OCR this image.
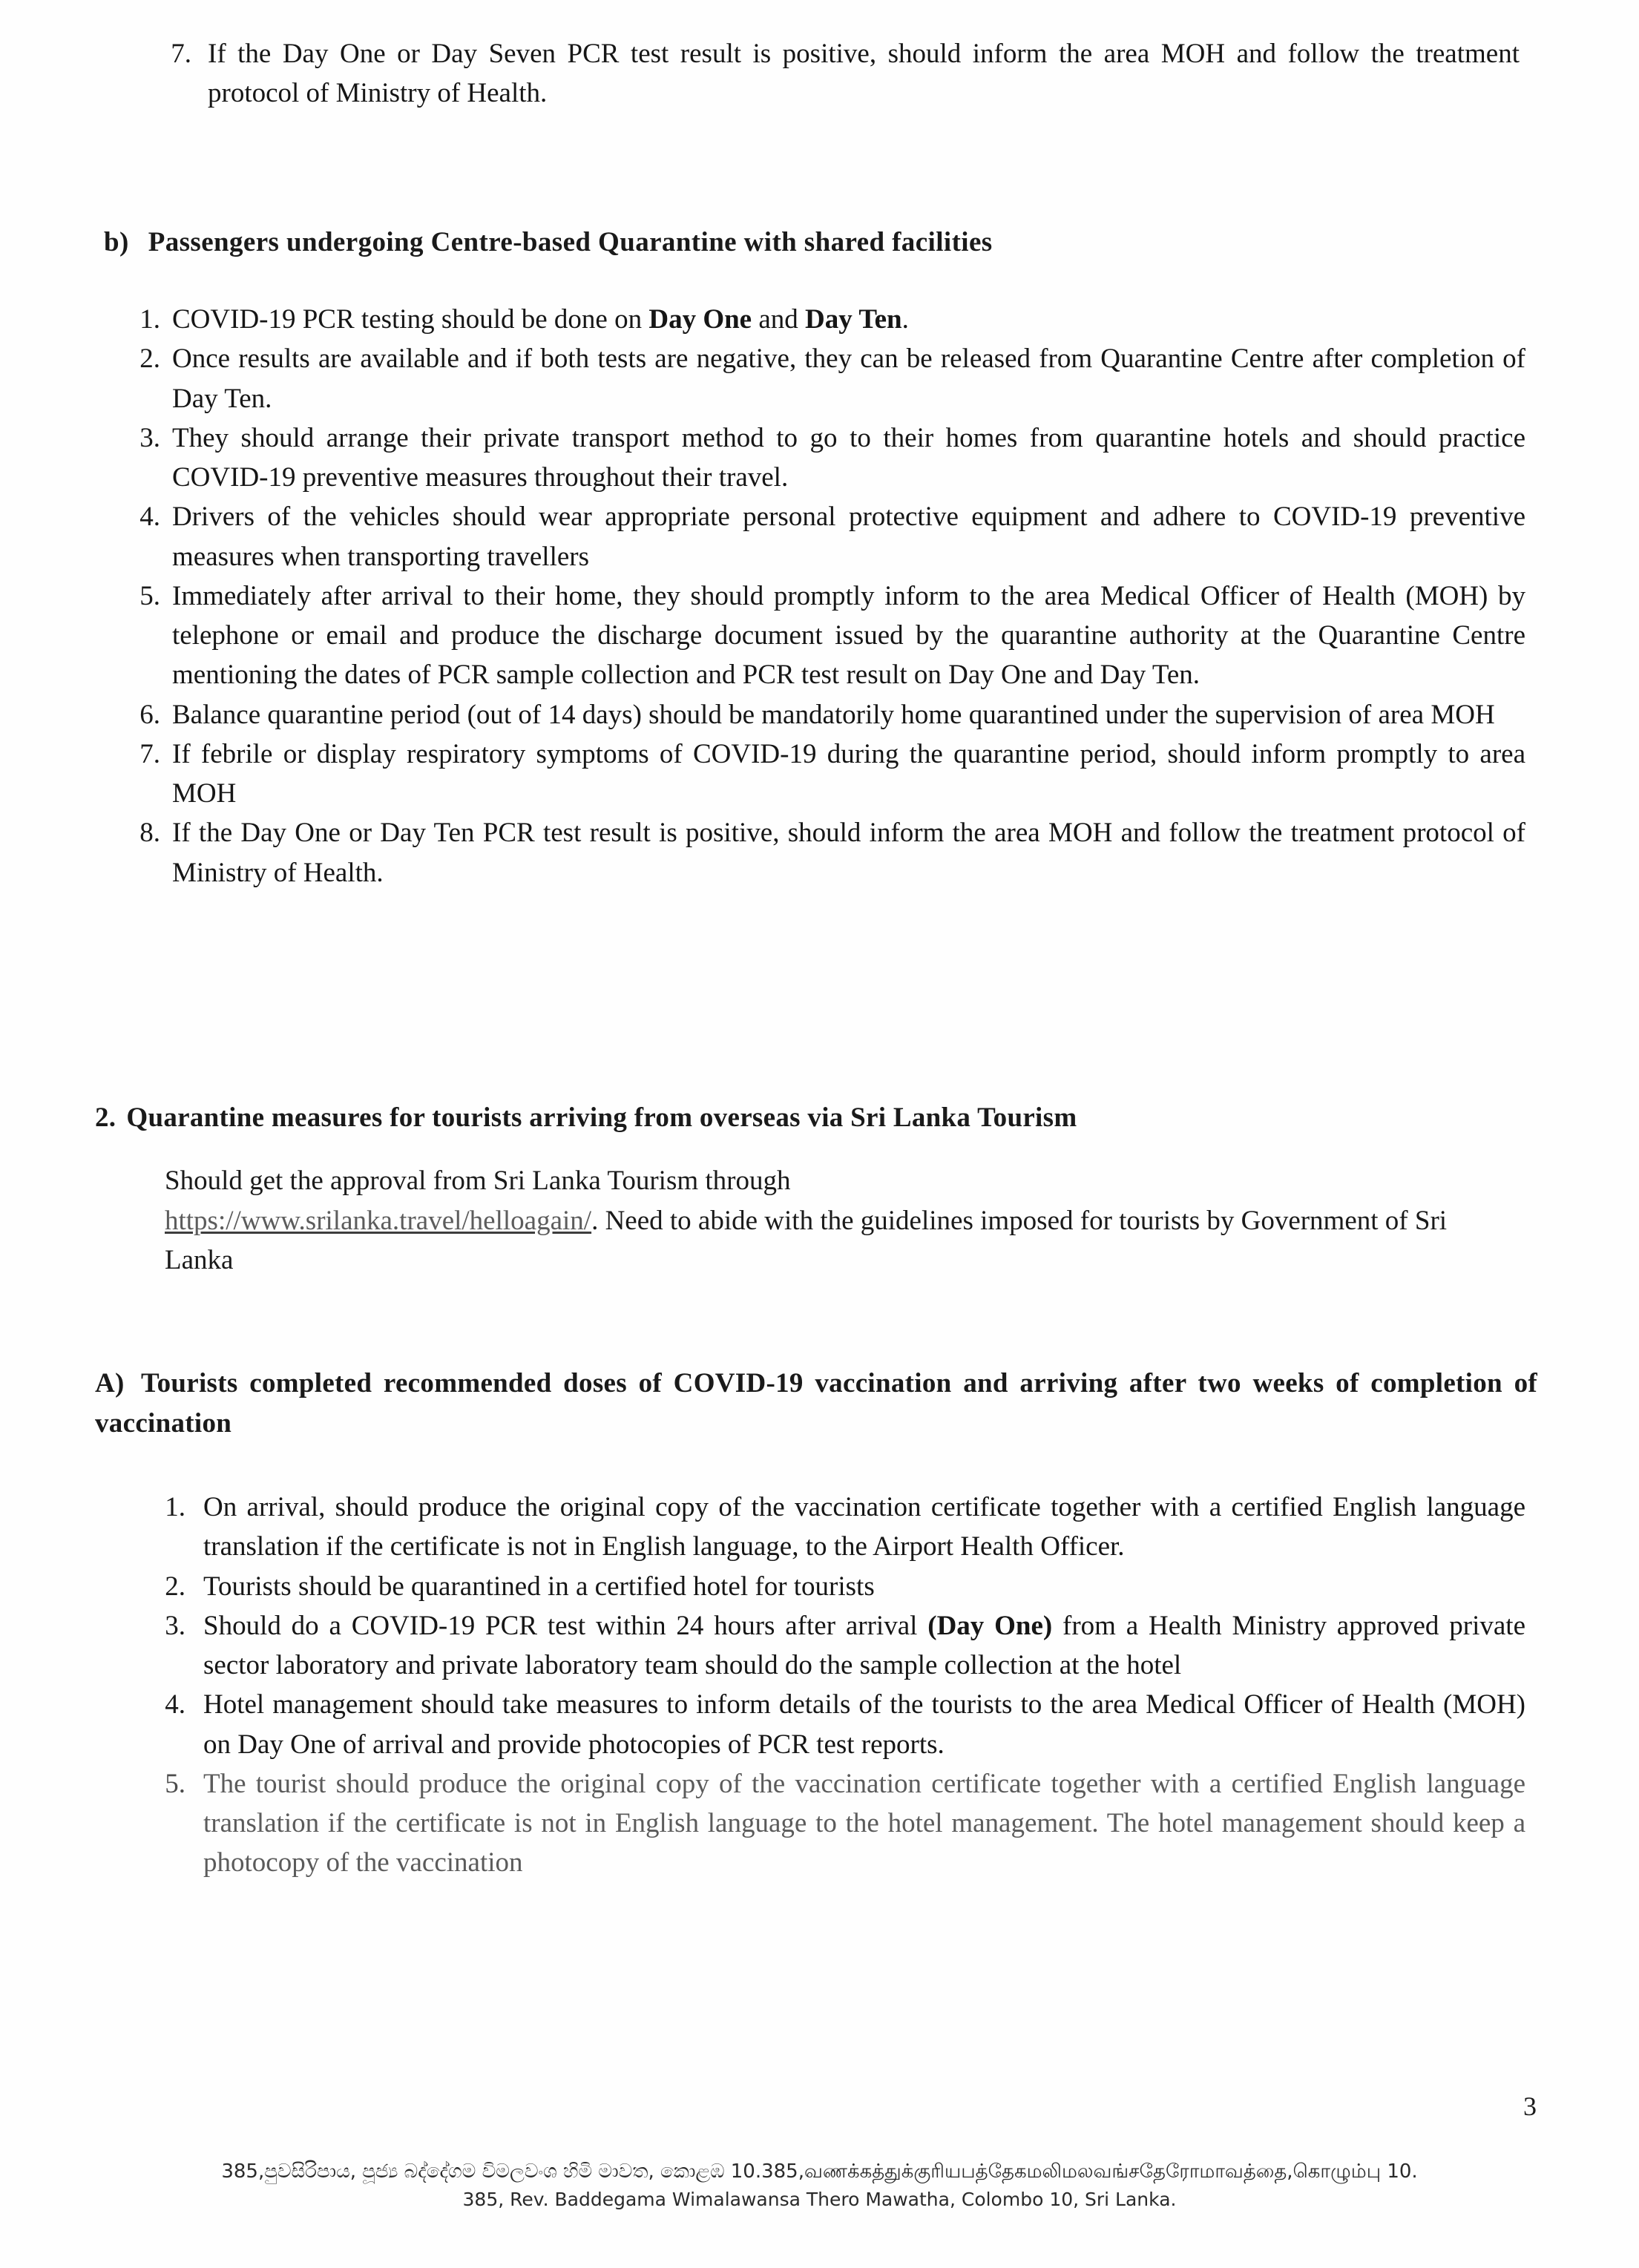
7. If the Day One or Day Seven PCR test result is positive, should inform the area MOH and follow the treatment protocol of Ministry of Health.
b) Passengers undergoing Centre-based Quarantine with shared facilities
1. COVID-19 PCR testing should be done on Day One and Day Ten.
2. Once results are available and if both tests are negative, they can be released from Quarantine Centre after completion of Day Ten.
3. They should arrange their private transport method to go to their homes from quarantine hotels and should practice COVID-19 preventive measures throughout their travel.
4. Drivers of the vehicles should wear appropriate personal protective equipment and adhere to COVID-19 preventive measures when transporting travellers
5. Immediately after arrival to their home, they should promptly inform to the area Medical Officer of Health (MOH) by telephone or email and produce the discharge document issued by the quarantine authority at the Quarantine Centre mentioning the dates of PCR sample collection and PCR test result on Day One and Day Ten.
6. Balance quarantine period (out of 14 days) should be mandatorily home quarantined under the supervision of area MOH
7. If febrile or display respiratory symptoms of COVID-19 during the quarantine period, should inform promptly to area MOH
8. If the Day One or Day Ten PCR test result is positive, should inform the area MOH and follow the treatment protocol of Ministry of Health.
2. Quarantine measures for tourists arriving from overseas via Sri Lanka Tourism
Should get the approval from Sri Lanka Tourism through
https://www.srilanka.travel/helloagain/. Need to abide with the guidelines imposed for tourists by Government of Sri Lanka
A) Tourists completed recommended doses of COVID-19 vaccination and arriving after two weeks of completion of vaccination
1. On arrival, should produce the original copy of the vaccination certificate together with a certified English language translation if the certificate is not in English language, to the Airport Health Officer.
2. Tourists should be quarantined in a certified hotel for tourists
3. Should do a COVID-19 PCR test within 24 hours after arrival (Day One) from a Health Ministry approved private sector laboratory and private laboratory team should do the sample collection at the hotel
4. Hotel management should take measures to inform details of the tourists to the area Medical Officer of Health (MOH) on Day One of arrival and provide photocopies of PCR test reports.
5. The tourist should produce the original copy of the vaccination certificate together with a certified English language translation if the certificate is not in English language to the hotel management. The hotel management should keep a photocopy of the vaccination
3
385,පුවසිරිපාය, පූජ්‍ය බද්දේගම විමලවංශ හිමි මාවත, කොළඹ 10.385,வணக்கத்துக்குரியபத்தேகமலிமலவங்சதேரோமாவத்தை,கொழும்பு 10.
385, Rev. Baddegama Wimalawansa Thero Mawatha, Colombo 10, Sri Lanka.
